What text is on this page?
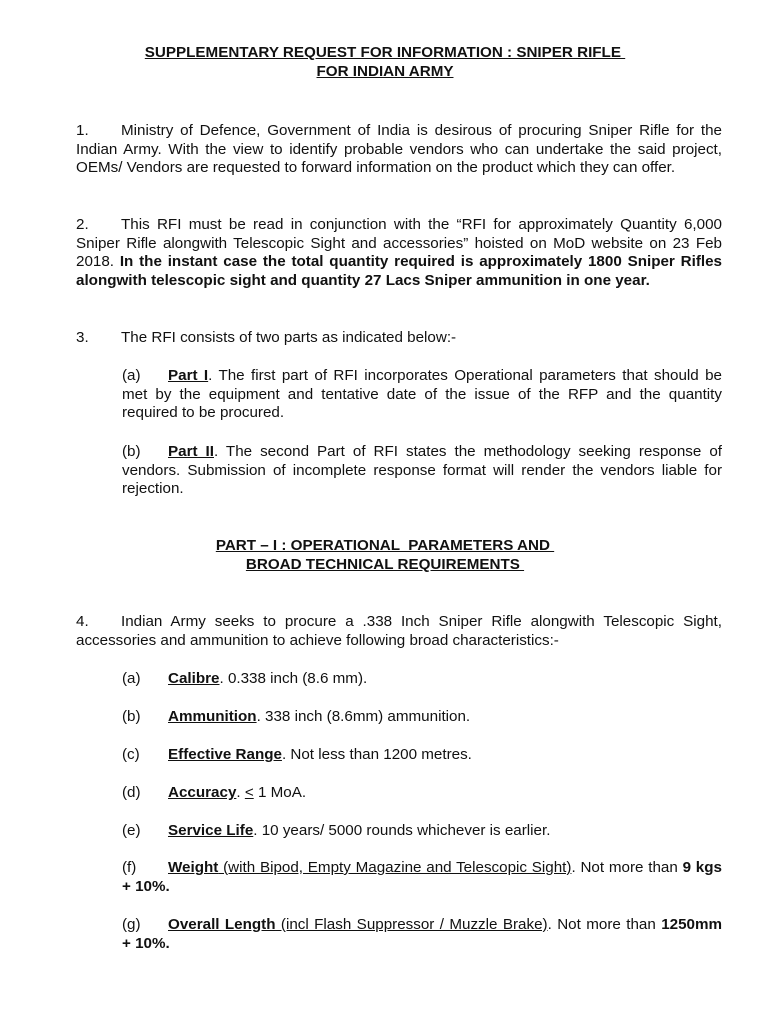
SUPPLEMENTARY REQUEST FOR INFORMATION : SNIPER RIFLE
FOR INDIAN ARMY
1. Ministry of Defence, Government of India is desirous of procuring Sniper Rifle for the Indian Army. With the view to identify probable vendors who can undertake the said project, OEMs/ Vendors are requested to forward information on the product which they can offer.
2. This RFI must be read in conjunction with the “RFI for approximately Quantity 6,000 Sniper Rifle alongwith Telescopic Sight and accessories” hoisted on MoD website on 23 Feb 2018. In the instant case the total quantity required is approximately 1800 Sniper Rifles alongwith telescopic sight and quantity 27 Lacs Sniper ammunition in one year.
3. The RFI consists of two parts as indicated below:-
(a) Part I. The first part of RFI incorporates Operational parameters that should be met by the equipment and tentative date of the issue of the RFP and the quantity required to be procured.
(b) Part II. The second Part of RFI states the methodology seeking response of vendors. Submission of incomplete response format will render the vendors liable for rejection.
PART – I : OPERATIONAL  PARAMETERS AND
BROAD TECHNICAL REQUIREMENTS
4. Indian Army seeks to procure a .338 Inch Sniper Rifle alongwith Telescopic Sight, accessories and ammunition to achieve following broad characteristics:-
(a) Calibre. 0.338 inch (8.6 mm).
(b) Ammunition. 338 inch (8.6mm) ammunition.
(c) Effective Range. Not less than 1200 metres.
(d) Accuracy. < 1 MoA.
(e) Service Life. 10 years/ 5000 rounds whichever is earlier.
(f) Weight (with Bipod, Empty Magazine and Telescopic Sight). Not more than 9 kgs + 10%.
(g) Overall Length (incl Flash Suppressor / Muzzle Brake). Not more than 1250mm + 10%.
